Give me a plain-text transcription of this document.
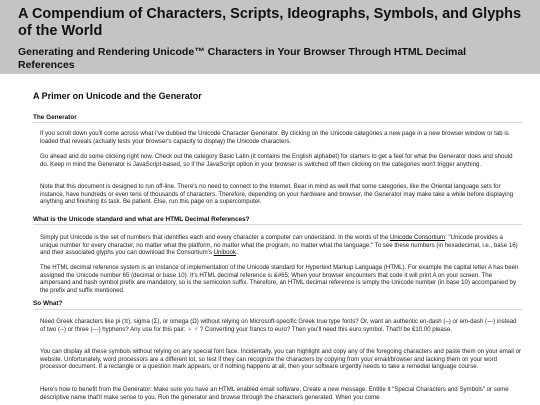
A Compendium of Characters, Scripts, Ideographs, Symbols, and Glyphs of the World
Generating and Rendering Unicode™ Characters in Your Browser Through HTML Decimal References
A Primer on Unicode and the Generator
The Generator

If you scroll down you'll come across what I've dubbed the Unicode Character Generator. By clicking on the Unicode categories a new page in a new browser window or tab is loaded that reveals (actually tests your browser's capacity to display) the Unicode characters.

Go ahead and do some clicking right now. Check out the category Basic Latin (it contains the English alphabet) for starters to get a feel for what the Generator does and should do. Keep in mind the Generator is JavaScript-based, so if the JavaScript option in your browser is switched off then clicking on the categories won't trigger anything.

Note that this document is designed to run off-line. There's no need to connect to the Internet. Bear in mind as well that some categories, like the Oriental language sets for instance, have hundreds or even tens of thousands of characters. Therefore, depending on your hardware and browser, the Generator may make take a while before displaying anything and finishing its task. Be patient. Else, run this page on a supercomputer.

What is the Unicode standard and what are HTML Decimal References?

Simply put Unicode is the set of numbers that identifies each and every character a computer can understand. In the words of the Unicode Consortium: "Unicode provides a unique number for every character, no matter what the platform, no matter what the program, no matter what the language." To see these numbers (in hexadecimal, i.e., base 16) and their associated glyphs you can download the Consortium's Unibook.

The HTML decimal reference system is an instance of implementation of the Unicode standard for Hypertext Markup Language (HTML). For example the capital letter A has been assigned the Unicode number 65 (decimal or base 10). It's HTML decimal reference is &#65; When your browser encounters that code it will print A on your screen. The ampersand and hash symbol prefix are mandatory, so is the semicolon suffix. Therefore, an HTML decimal reference is simply the Unicode number (in base 10) accompanied by the prefix and suffix mentioned.

So What?

Need Greek characters like pi (π), sigma (Σ), or omega (Ω) without relying on Microsoft-specific Greek true type fonts? Or, want an authentic en-dash (–) or em-dash (—) instead of two (--) or three (---) hyphens? Any use for this pair: ♀ ♂ ? Converting your francs to euro? Then you'll need this euro symbol. That'll be €10.00 please.

You can display all these symbols without relying on any special font face. Incidentally, you can highlight and copy any of the foregoing characters and paste them on your email or website. Unfortunately, word processors are a different lot, so test if they can recognize the characters by copying from your email/browser and lacking them on your word processor document. If a rectangle or a question mark appears, or if nothing happens at all, then your software urgently needs to take a remedial language course.

Here's how to benefit from the Generator: Make sure you have an HTML enabled email software. Create a new message. Entitle it "Special Characters and Symbols" or some descriptive name that'll make sense to you. Run the generator and browse through the characters generated. When you come
